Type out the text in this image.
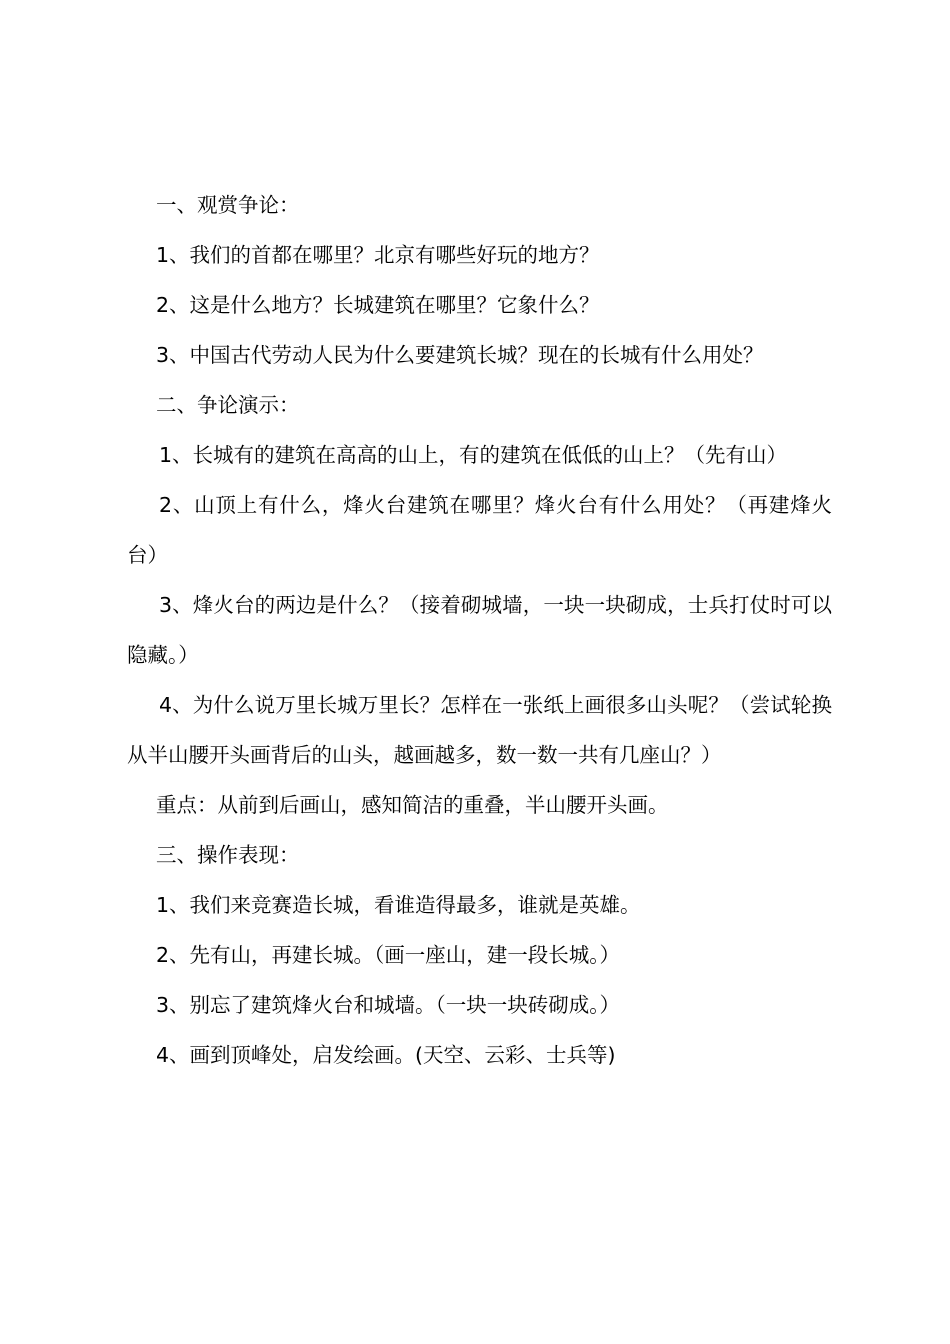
一、观赏争论：

1、我们的首都在哪里？北京有哪些好玩的地方？

2、这是什么地方？长城建筑在哪里？它象什么？

3、中国古代劳动人民为什么要建筑长城？现在的长城有什么用处？

二、争论演示：

1、长城有的建筑在高高的山上，有的建筑在低低的山上？（先有山）

2、山顶上有什么，烽火台建筑在哪里？烽火台有什么用处？（再建烽火台）

3、烽火台的两边是什么？（接着砌城墙，一块一块砌成，士兵打仗时可以隐藏。）

4、为什么说万里长城万里长？怎样在一张纸上画很多山头呢？（尝试轮换从半山腰开头画背后的山头，越画越多，数一数一共有几座山？）

重点：从前到后画山，感知简洁的重叠，半山腰开头画。

三、操作表现：

1、我们来竞赛造长城，看谁造得最多，谁就是英雄。

2、先有山，再建长城。（画一座山，建一段长城。）

3、别忘了建筑烽火台和城墙。（一块一块砖砌成。）

4、画到顶峰处，启发绘画。(天空、云彩、士兵等)
